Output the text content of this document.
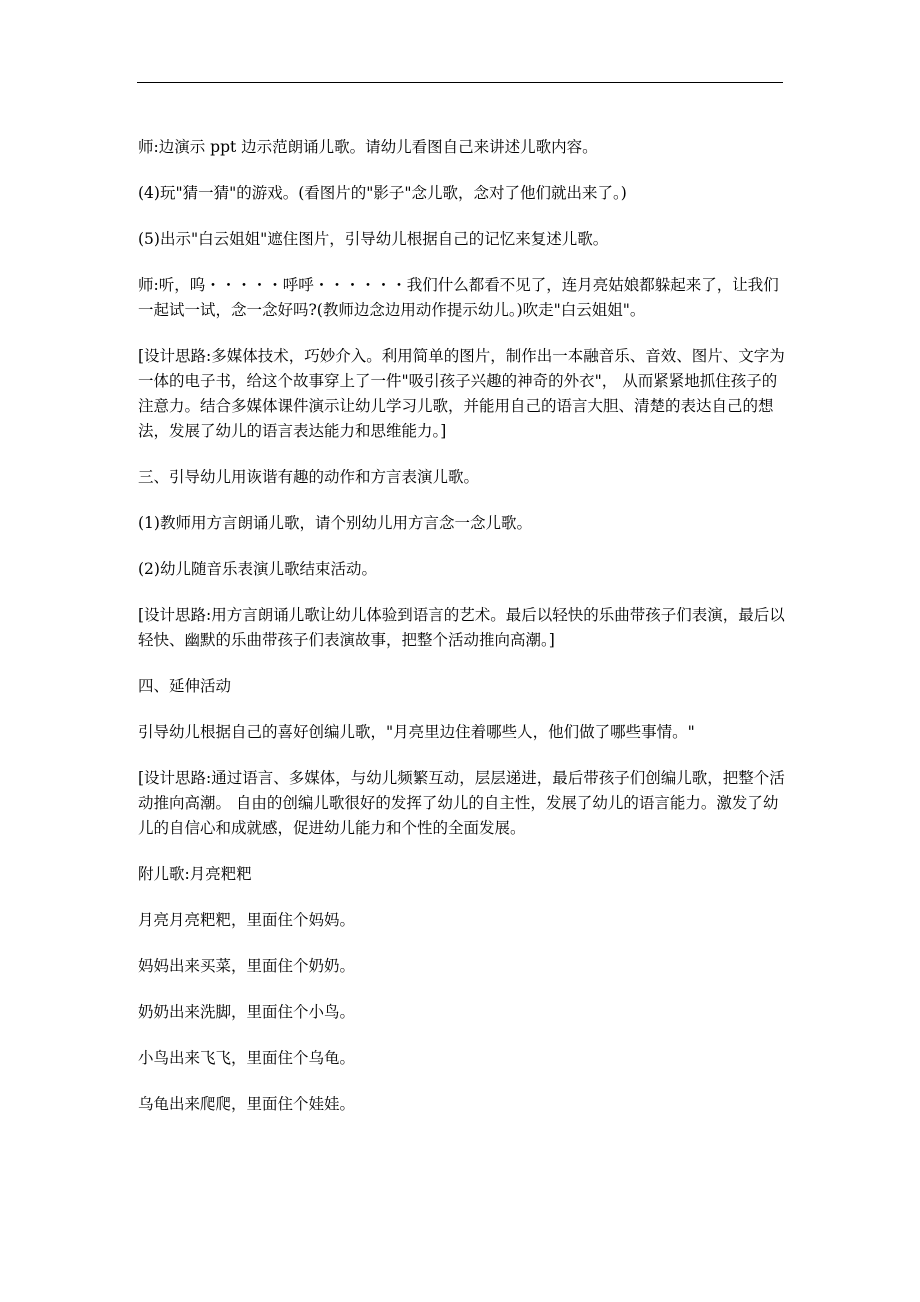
师:边演示 ppt 边示范朗诵儿歌。请幼儿看图自己来讲述儿歌内容。

(4)玩"猜一猜"的游戏。(看图片的"影子"念儿歌，念对了他们就出来了。)

(5)出示"白云姐姐"遮住图片，引导幼儿根据自己的记忆来复述儿歌。

师:听，呜・・・・・呼呼・・・・・・我们什么都看不见了，连月亮姑娘都躲起来了，让我们一起试一试，念一念好吗?(教师边念边用动作提示幼儿。)吹走"白云姐姐"。

[设计思路:多媒体技术，巧妙介入。利用简单的图片，制作出一本融音乐、音效、图片、文字为一体的电子书，给这个故事穿上了一件"吸引孩子兴趣的神奇的外衣"， 从而紧紧地抓住孩子的注意力。结合多媒体课件演示让幼儿学习儿歌，并能用自己的语言大胆、清楚的表达自己的想法，发展了幼儿的语言表达能力和思维能力。]

三、引导幼儿用诙谐有趣的动作和方言表演儿歌。

(1)教师用方言朗诵儿歌，请个别幼儿用方言念一念儿歌。

(2)幼儿随音乐表演儿歌结束活动。

[设计思路:用方言朗诵儿歌让幼儿体验到语言的艺术。最后以轻快的乐曲带孩子们表演，最后以轻快、幽默的乐曲带孩子们表演故事，把整个活动推向高潮。]

四、延伸活动

引导幼儿根据自己的喜好创编儿歌，"月亮里边住着哪些人，他们做了哪些事情。"

[设计思路:通过语言、多媒体，与幼儿频繁互动，层层递进，最后带孩子们创编儿歌，把整个活动推向高潮。 自由的创编儿歌很好的发挥了幼儿的自主性，发展了幼儿的语言能力。激发了幼儿的自信心和成就感，促进幼儿能力和个性的全面发展。

附儿歌:月亮粑粑

月亮月亮粑粑，里面住个妈妈。

妈妈出来买菜，里面住个奶奶。

奶奶出来洗脚，里面住个小鸟。

小鸟出来飞飞，里面住个乌龟。

乌龟出来爬爬，里面住个娃娃。
